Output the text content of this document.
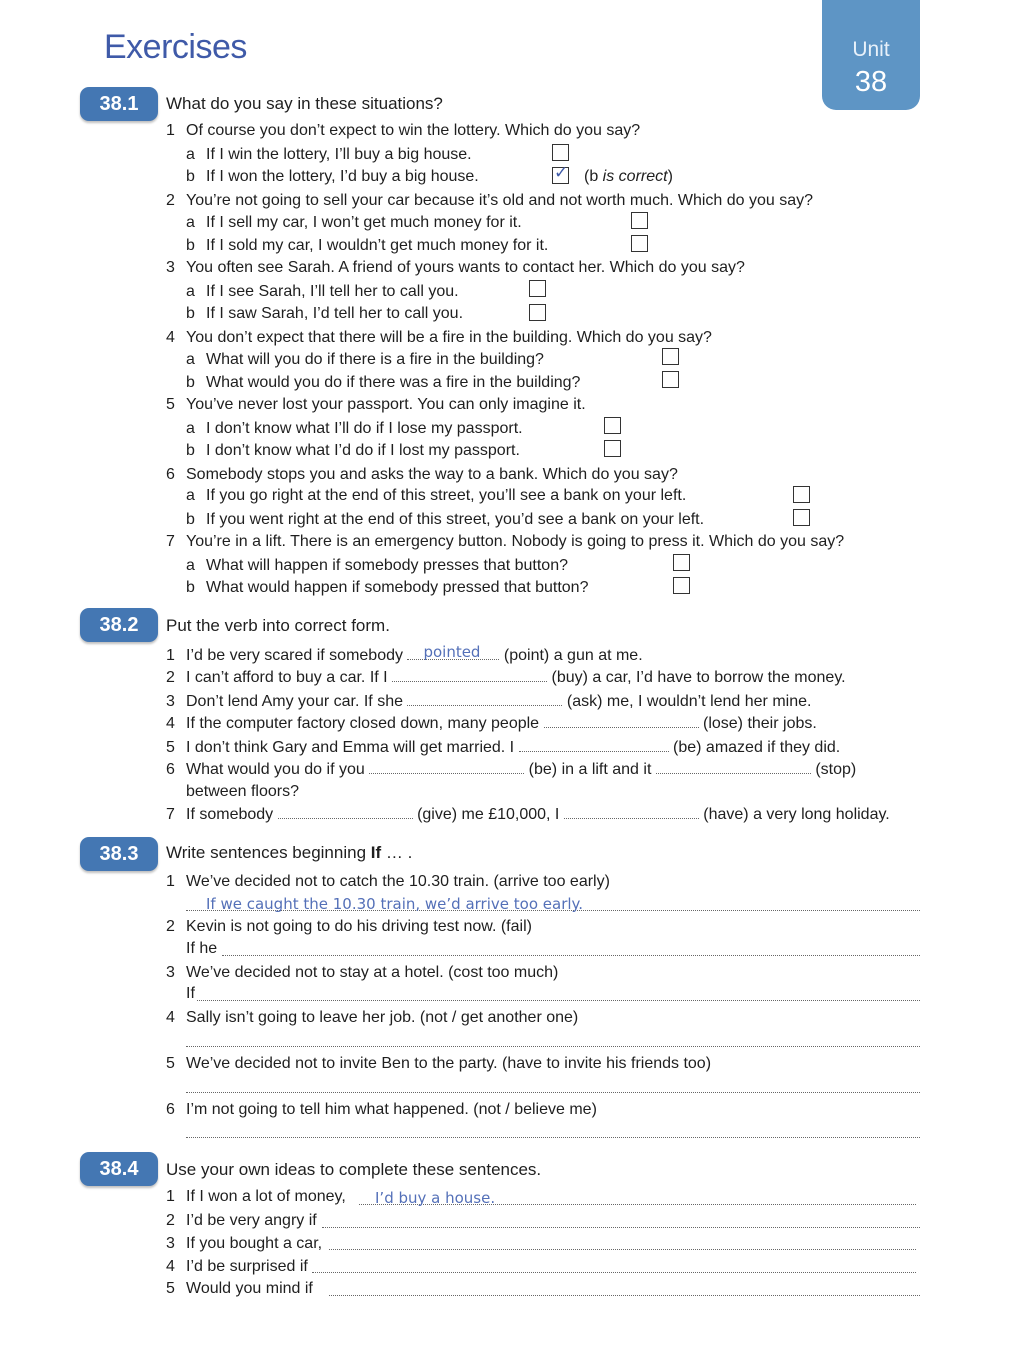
Exercises	Unit
38
38.1	What do you say in these situations?
1 Of course you don’t expect to win the lottery. Which do you say?
a If I win the lottery, I’ll buy a big house.
b If I won the lottery, I’d buy a big house.
✓	(b is correct)
2 You’re not going to sell your car because it’s old and not worth much. Which do you say?
a If I sell my car, I won’t get much money for it.
b If I sold my car, I wouldn’t get much money for it.
3 You often see Sarah. A friend of yours wants to contact her. Which do you say?
a If I see Sarah, I’ll tell her to call you.
b If I saw Sarah, I’d tell her to call you.
4 You don’t expect that there will be a fire in the building. Which do you say?
a What will you do if there is a fire in the building?
b What would you do if there was a fire in the building?
5 You’ve never lost your passport. You can only imagine it.
a I don’t know what I’ll do if I lose my passport.
b I don’t know what I’d do if I lost my passport.
6 Somebody stops you and asks the way to a bank. Which do you say?
a If you go right at the end of this street, you’ll see a bank on your left.
b If you went right at the end of this street, you’d see a bank on your left.
7 You’re in a lift. There is an emergency button. Nobody is going to press it. Which do you say?
a What will happen if somebody presses that button?
b What would happen if somebody pressed that button?
38.2	Put the verb into correct form.
1 I’d be very scared if somebody pointed (point) a gun at me.
2 I can’t afford to buy a car. If I	(buy) a car, I’d have to borrow the money.
3 Don’t lend Amy your car. If she	(ask) me, I wouldn’t lend her mine.
4 If the computer factory closed down, many people	(lose) their jobs.
5 I don’t think Gary and Emma will get married. I	(be) amazed if they did.
6 What would you do if you	(be) in a lift and it	(stop)
between floors?
7 If somebody	(give) me £10,000, I	(have) a very long holiday.
38.3	Write sentences beginning If … .
1 We’ve decided not to catch the 10.30 train. (arrive too early)
If we caught the 10.30 train, we’d arrive too early.
2 Kevin is not going to do his driving test now. (fail)
If he
3 We’ve decided not to stay at a hotel. (cost too much)
If
4 Sally isn’t going to leave her job. (not / get another one)
5 We’ve decided not to invite Ben to the party. (have to invite his friends too)
6 I’m not going to tell him what happened. (not / believe me)
38.4	Use your own ideas to complete these sentences.
1 If I won a lot of money, I’d buy a house.
2 I’d be very angry if
3 If you bought a car,
4 I’d be surprised if
5 Would you mind if
